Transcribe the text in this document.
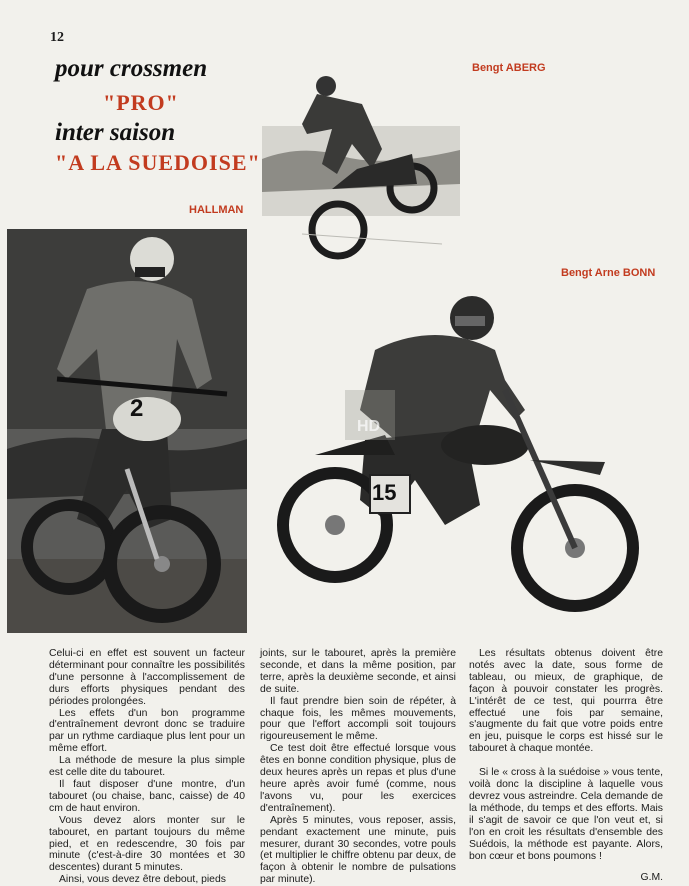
12
pour crossmen
"PRO"
inter saison
"A LA SUEDOISE"
HALLMAN
Bengt ABERG
Bengt Arne BONN
2
15
HD

Celui-ci en effet est souvent un facteur déterminant pour connaître les possibilités d'une personne à l'accomplissement de durs efforts physiques pendant des périodes prolongées.

Les effets d'un bon programme d'entraînement devront donc se traduire par un rythme cardiaque plus lent pour un même effort.

La méthode de mesure la plus simple est celle dite du tabouret.

Il faut disposer d'une montre, d'un tabouret (ou chaise, banc, caisse) de 40 cm de haut environ.

Vous devez alors monter sur le tabouret, en partant toujours du même pied, et en redescendre, 30 fois par minute (c'est-à-dire 30 montées et 30 descentes) durant 5 minutes.

Ainsi, vous devez être debout, pieds

joints, sur le tabouret, après la première seconde, et dans la même position, par terre, après la deuxième seconde, et ainsi de suite.

Il faut prendre bien soin de répéter, à chaque fois, les mêmes mouvements, pour que l'effort accompli soit toujours rigoureusement le même.

Ce test doit être effectué lorsque vous êtes en bonne condition physique, plus de deux heures après un repas et plus d'une heure après avoir fumé (comme, nous l'avons vu, pour les exercices d'entraînement).

Après 5 minutes, vous reposer, assis, pendant exactement une minute, puis mesurer, durant 30 secondes, votre pouls (et multiplier le chiffre obtenu par deux, de façon à obtenir le nombre de pulsations par minute).

Les résultats obtenus doivent être notés avec la date, sous forme de tableau, ou mieux, de graphique, de façon à pouvoir constater les progrès. L'intérêt de ce test, qui pourrra être effectué une fois par semaine, s'augmente du fait que votre poids entre en jeu, puisque le corps est hissé sur le tabouret à chaque montée.

Si le « cross à la suédoise » vous tente, voilà donc la discipline à laquelle vous devrez vous astreindre. Cela demande de la méthode, du temps et des efforts. Mais il s'agit de savoir ce que l'on veut et, si l'on en croit les résultats d'ensemble des Suédois, la méthode est payante. Alors, bon cœur et bons poumons !

G.M.
